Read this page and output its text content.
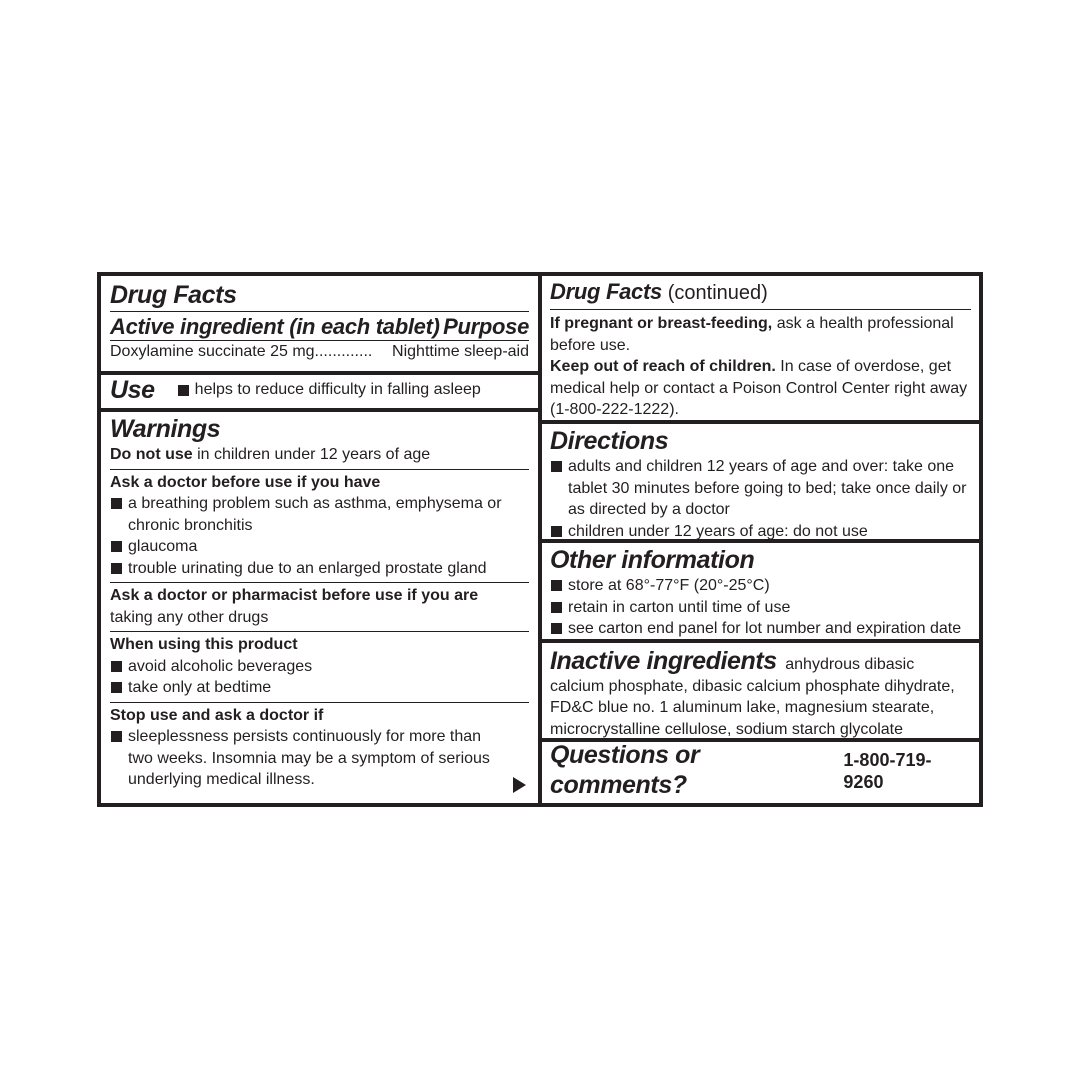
Drug Facts
Active ingredient (in each tablet) Purpose
Doxylamine succinate 25 mg............. Nighttime sleep-aid
Use	helps to reduce difficulty in falling asleep
Warnings
Do not use in children under 12 years of age
Ask a doctor before use if you have
a breathing problem such as asthma, emphysema or chronic bronchitis
glaucoma
trouble urinating due to an enlarged prostate gland
Ask a doctor or pharmacist before use if you are
taking any other drugs
When using this product
avoid alcoholic beverages
take only at bedtime
Stop use and ask a doctor if
sleeplessness persists continuously for more than two weeks. Insomnia may be a symptom of serious underlying medical illness.
Drug Facts (continued)
If pregnant or breast-feeding, ask a health professional before use.
Keep out of reach of children. In case of overdose, get medical help or contact a Poison Control Center right away (1-800-222-1222).
Directions
adults and children 12 years of age and over: take one tablet 30 minutes before going to bed; take once daily or as directed by a doctor
children under 12 years of age: do not use
Other information
store at 68°-77°F (20°-25°C)
retain in carton until time of use
see carton end panel for lot number and expiration date
Inactive ingredients anhydrous dibasic calcium phosphate, dibasic calcium phosphate dihydrate, FD&C blue no. 1 aluminum lake, magnesium stearate, microcrystalline cellulose, sodium starch glycolate
Questions or comments?
1-800-719-9260
